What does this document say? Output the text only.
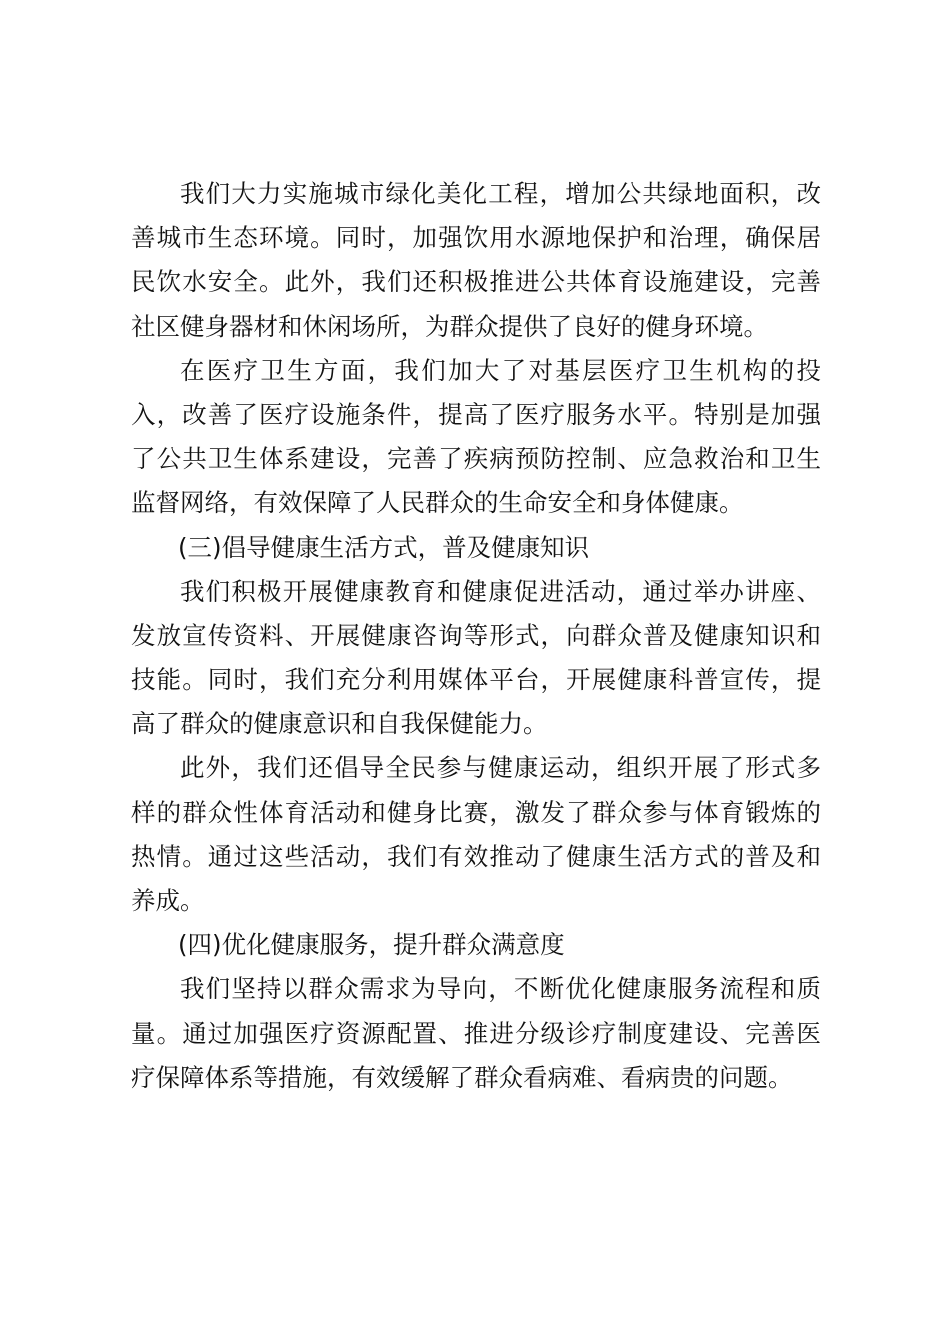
我们大力实施城市绿化美化工程，增加公共绿地面积，改
善城市生态环境。同时，加强饮用水源地保护和治理，确保居
民饮水安全。此外，我们还积极推进公共体育设施建设，完善
社区健身器材和休闲场所，为群众提供了良好的健身环境。
在医疗卫生方面，我们加大了对基层医疗卫生机构的投
入，改善了医疗设施条件，提高了医疗服务水平。特别是加强
了公共卫生体系建设，完善了疾病预防控制、应急救治和卫生
监督网络，有效保障了人民群众的生命安全和身体健康。
(三)倡导健康生活方式，普及健康知识
我们积极开展健康教育和健康促进活动，通过举办讲座、
发放宣传资料、开展健康咨询等形式，向群众普及健康知识和
技能。同时，我们充分利用媒体平台，开展健康科普宣传，提
高了群众的健康意识和自我保健能力。
此外，我们还倡导全民参与健康运动，组织开展了形式多
样的群众性体育活动和健身比赛，激发了群众参与体育锻炼的
热情。通过这些活动，我们有效推动了健康生活方式的普及和
养成。
(四)优化健康服务，提升群众满意度
我们坚持以群众需求为导向，不断优化健康服务流程和质
量。通过加强医疗资源配置、推进分级诊疗制度建设、完善医
疗保障体系等措施，有效缓解了群众看病难、看病贵的问题。
